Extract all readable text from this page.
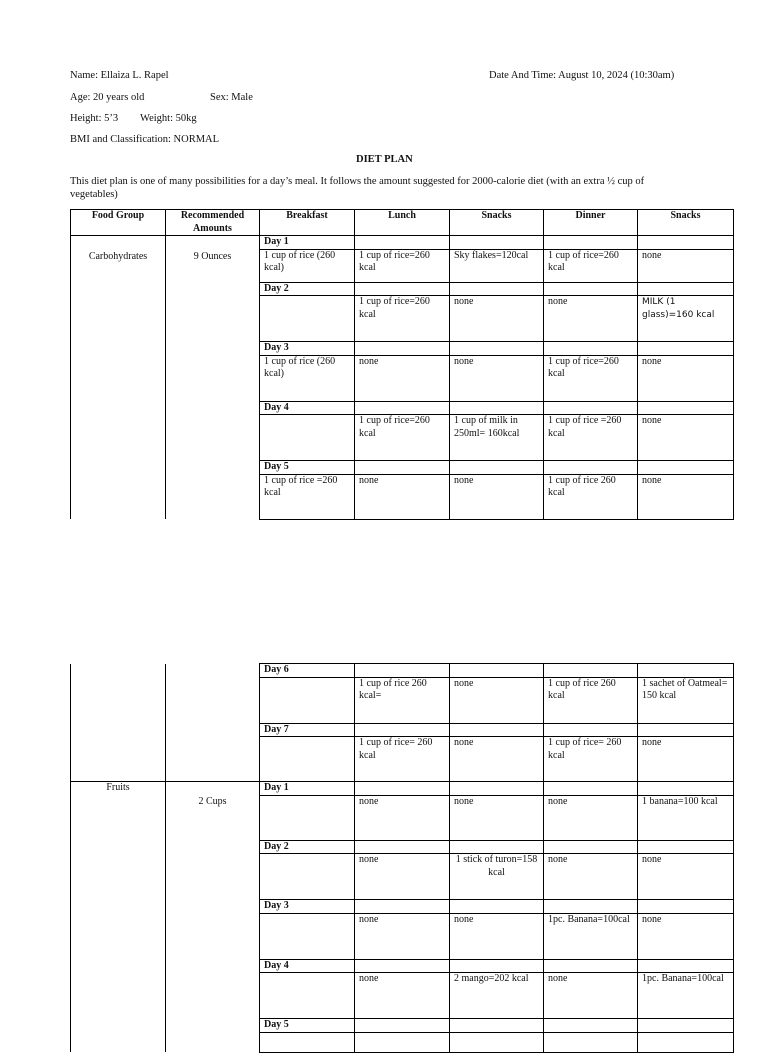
Name: Ellaiza L. Rapel	Date And Time: August 10, 2024 (10:30am)
Age: 20 years old	Sex: Male
Height: 5’3 Weight: 50kg
BMI and Classification: NORMAL
DIET PLAN
This diet plan is one of many possibilities for a day’s meal. It follows the amount suggested for 2000-calorie diet (with an extra ½ cup of vegetables)
Food Group	Recommended Amounts	Breakfast	Lunch	Snacks	Dinner	Snacks
Carbohydrates	9 Ounces	Day 1				
		1 cup of rice (260 kcal)	1 cup of rice=260 kcal	Sky flakes=120cal	1 cup of rice=260 kcal	none
		Day 2				
			1 cup of rice=260 kcal	none	none	MILK (1 glass)=160 kcal
		Day 3				
		1 cup of rice (260 kcal)	none	none	1 cup of rice=260 kcal	none
		Day 4				
			1 cup of rice=260 kcal	1 cup of milk in 250ml= 160kcal	1 cup of rice =260 kcal	none
		Day 5				
		1 cup of rice =260 kcal	none	none	1 cup of rice 260 kcal	none
		Day 6				
			1 cup of rice 260 kcal=	none	1 cup of rice 260 kcal	1 sachet of Oatmeal= 150 kcal
		Day 7				
			1 cup of rice= 260 kcal	none	1 cup of rice= 260 kcal	none
Fruits	2 Cups	Day 1				
			none	none	none	1 banana=100 kcal
		Day 2				
			none	1 stick of turon=158 kcal	none	none
		Day 3				
			none	none	1pc. Banana=100cal	none
		Day 4				
			none	2 mango=202 kcal	none	1pc. Banana=100cal
		Day 5				
